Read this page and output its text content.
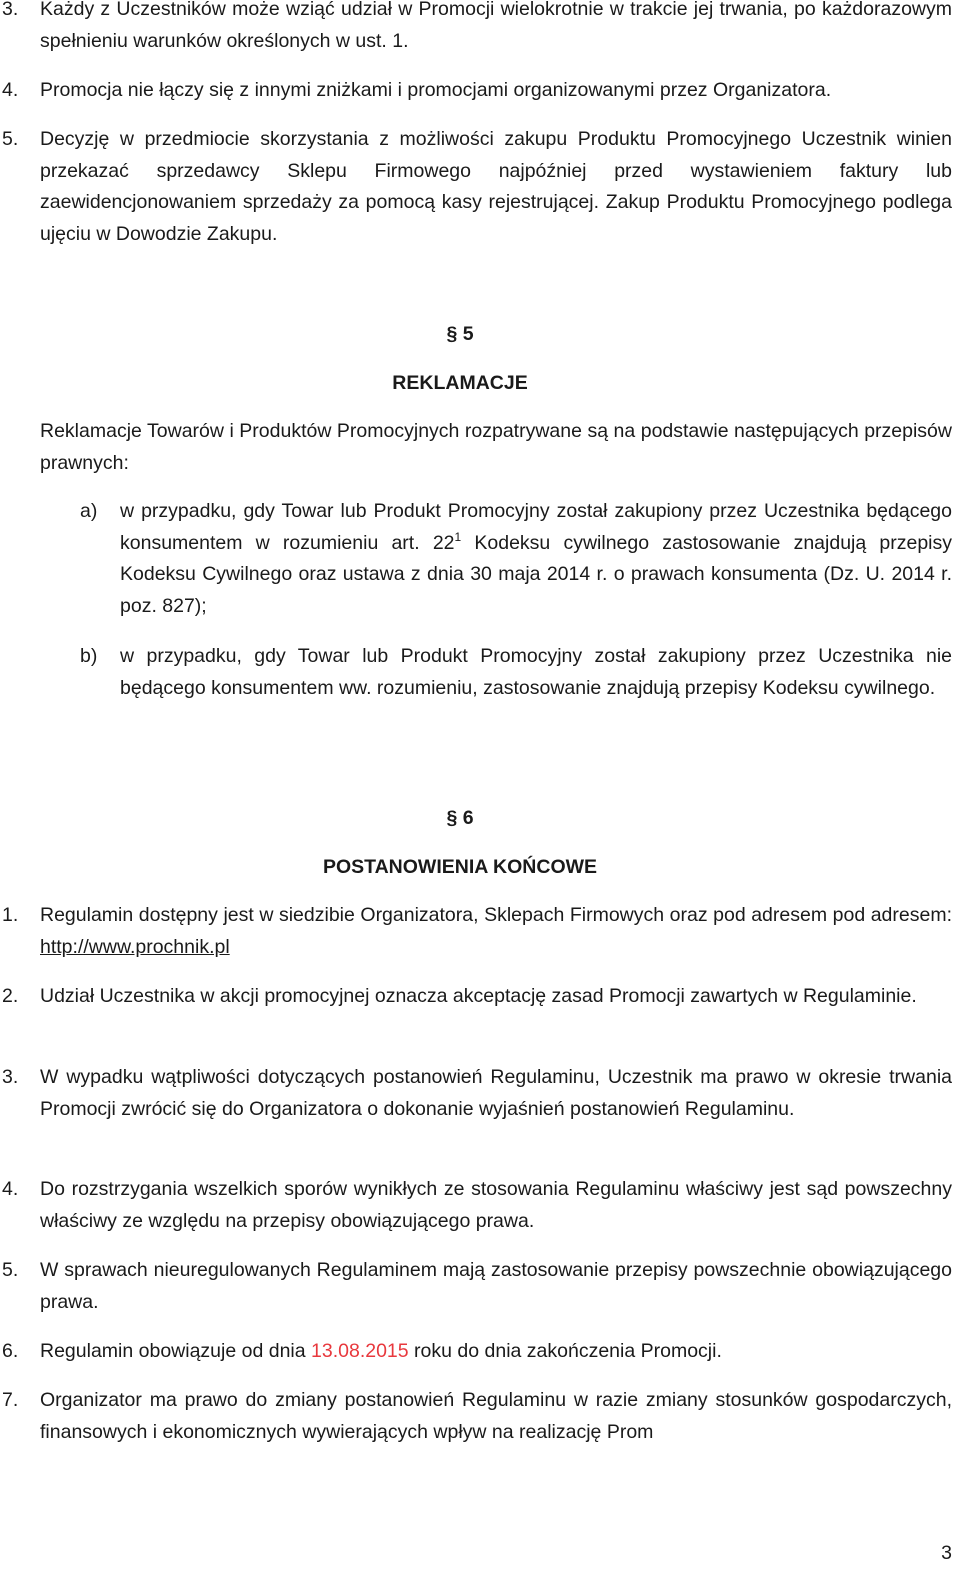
3. Każdy z Uczestników może wziąć udział w Promocji wielokrotnie w trakcie jej trwania, po każdorazowym spełnieniu warunków określonych w ust. 1.
4. Promocja nie łączy się z innymi zniżkami i promocjami organizowanymi przez Organizatora.
5. Decyzję w przedmiocie skorzystania z możliwości zakupu Produktu Promocyjnego Uczestnik winien przekazać sprzedawcy Sklepu Firmowego najpóźniej przed wystawieniem faktury lub zaewidencjonowaniem sprzedaży za pomocą kasy rejestrującej. Zakup Produktu Promocyjnego podlega ujęciu w Dowodzie Zakupu.
§ 5
REKLAMACJE
Reklamacje Towarów i Produktów Promocyjnych rozpatrywane są na podstawie następujących przepisów prawnych:
a) w przypadku, gdy Towar lub Produkt Promocyjny został zakupiony przez Uczestnika będącego konsumentem w rozumieniu art. $22^1$ Kodeksu cywilnego zastosowanie znajdują przepisy Kodeksu Cywilnego oraz ustawa z dnia 30 maja 2014 r. o prawach konsumenta (Dz. U. 2014 r. poz. 827);
b) w przypadku, gdy Towar lub Produkt Promocyjny został zakupiony przez Uczestnika nie będącego konsumentem ww. rozumieniu, zastosowanie znajdują przepisy Kodeksu cywilnego.
§ 6
POSTANOWIENIA KOŃCOWE
1. Regulamin dostępny jest w siedzibie Organizatora, Sklepach Firmowych oraz pod adresem pod adresem: http://www.prochnik.pl
2. Udział Uczestnika w akcji promocyjnej oznacza akceptację zasad Promocji zawartych w Regulaminie.
3. W wypadku wątpliwości dotyczących postanowień Regulaminu, Uczestnik ma prawo w okresie trwania Promocji zwrócić się do Organizatora o dokonanie wyjaśnień postanowień Regulaminu.
4. Do rozstrzygania wszelkich sporów wynikłych ze stosowania Regulaminu właściwy jest sąd powszechny właściwy ze względu na przepisy obowiązującego prawa.
5. W sprawach nieuregulowanych Regulaminem mają zastosowanie przepisy powszechnie obowiązującego prawa.
6. Regulamin obowiązuje od dnia 13.08.2015 roku do dnia zakończenia Promocji.
7. Organizator ma prawo do zmiany postanowień Regulaminu w razie zmiany stosunków gospodarczych, finansowych i ekonomicznych wywierających wpływ na realizację Prom
3
